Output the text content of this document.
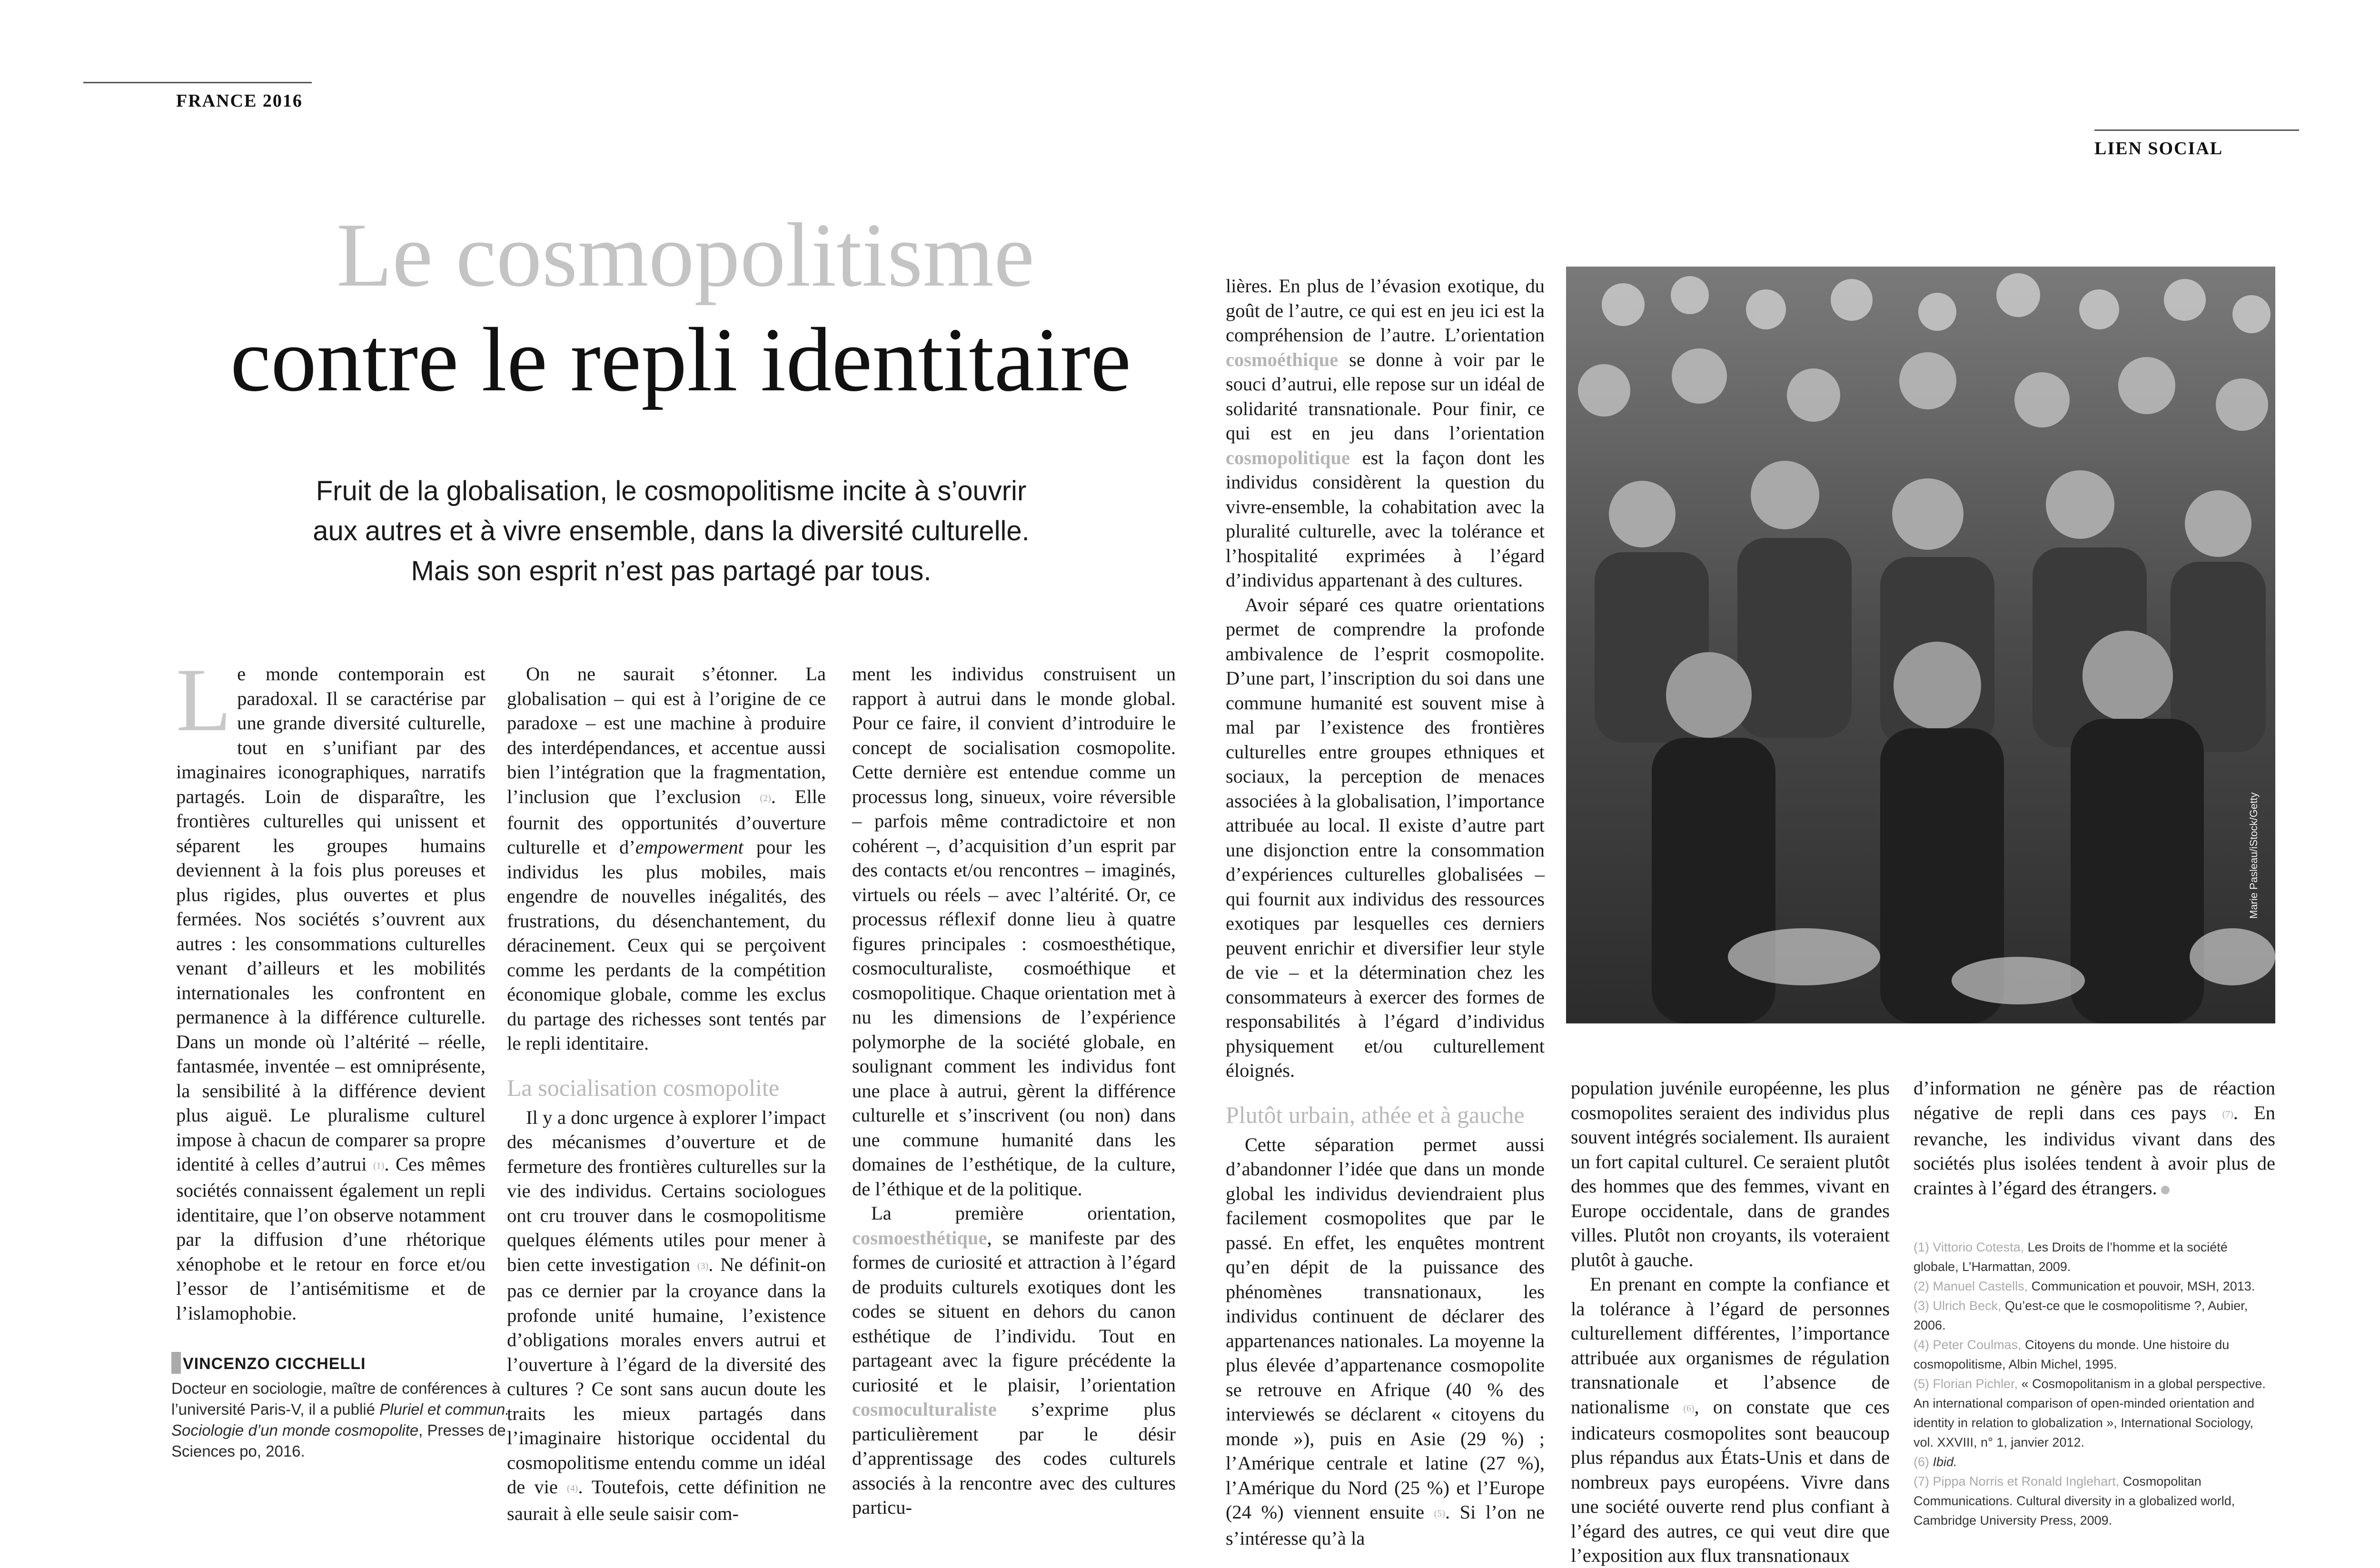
FRANCE 2016
LIEN SOCIAL
Le cosmopolitisme
contre le repli identitaire
Fruit de la globalisation, le cosmopolitisme incite à s’ouvrir
aux autres et à vivre ensemble, dans la diversité culturelle.
Mais son esprit n’est pas partagé par tous.

Le monde contemporain est paradoxal. Il se caractérise par une grande diversité culturelle, tout en s’unifiant par des imaginaires iconographiques, narratifs partagés. Loin de disparaître, les frontières culturelles qui unissent et séparent les groupes humains deviennent à la fois plus poreuses et plus rigides, plus ouvertes et plus fermées. Nos sociétés s’ouvrent aux autres : les consommations culturelles venant d’ailleurs et les mobilités internationales les confrontent en permanence à la différence culturelle. Dans un monde où l’altérité – réelle, fantasmée, inventée – est omniprésente, la sensibilité à la différence devient plus aiguë. Le pluralisme culturel impose à chacun de comparer sa propre identité à celles d’autrui (1). Ces mêmes sociétés connaissent également un repli identitaire, que l’on observe notamment par la diffusion d’une rhétorique xénophobe et le retour en force et/ou l’essor de l’antisémitisme et de l’islamophobie.

VINCENZO CICCHELLI
Docteur en sociologie, maître de conférences à l’université Paris-V, il a publié Pluriel et commun. Sociologie d’un monde cosmopolite, Presses de Sciences po, 2016.

On ne saurait s’étonner. La globalisation – qui est à l’origine de ce paradoxe – est une machine à produire des interdépendances, et accentue aussi bien l’intégration que la fragmentation, l’inclusion que l’exclusion (2). Elle fournit des opportunités d’ouverture culturelle et d’empowerment pour les individus les plus mobiles, mais engendre de nouvelles inégalités, des frustrations, du désenchantement, du déracinement. Ceux qui se perçoivent comme les perdants de la compétition économique globale, comme les exclus du partage des richesses sont tentés par le repli identitaire.

La socialisation cosmopolite

Il y a donc urgence à explorer l’impact des mécanismes d’ouverture et de fermeture des frontières culturelles sur la vie des individus. Certains sociologues ont cru trouver dans le cosmopolitisme quelques éléments utiles pour mener à bien cette investigation (3). Ne définit-on pas ce dernier par la croyance dans la profonde unité humaine, l’existence d’obligations morales envers autrui et l’ouverture à l’égard de la diversité des cultures ? Ce sont sans aucun doute les traits les mieux partagés dans l’imaginaire historique occidental du cosmopolitisme entendu comme un idéal de vie (4). Toutefois, cette définition ne saurait à elle seule saisir com-

ment les individus construisent un rapport à autrui dans le monde global. Pour ce faire, il convient d’introduire le concept de socialisation cosmopolite. Cette dernière est entendue comme un processus long, sinueux, voire réversible – parfois même contradictoire et non cohérent –, d’acquisition d’un esprit par des contacts et/ou rencontres – imaginés, virtuels ou réels – avec l’altérité. Or, ce processus réflexif donne lieu à quatre figures principales : cosmoesthétique, cosmoculturaliste, cosmoéthique et cosmopolitique. Chaque orientation met à nu les dimensions de l’expérience polymorphe de la société globale, en soulignant comment les individus font une place à autrui, gèrent la différence culturelle et s’inscrivent (ou non) dans une commune humanité dans les domaines de l’esthétique, de la culture, de l’éthique et de la politique.

La première orientation, cosmoesthétique, se manifeste par des formes de curiosité et attraction à l’égard de produits culturels exotiques dont les codes se situent en dehors du canon esthétique de l’individu. Tout en partageant avec la figure précédente la curiosité et le plaisir, l’orientation cosmoculturaliste s’exprime plus particulièrement par le désir d’apprentissage des codes culturels associés à la rencontre avec des cultures particu-

lières. En plus de l’évasion exotique, du goût de l’autre, ce qui est en jeu ici est la compréhension de l’autre. L’orientation cosmoéthique se donne à voir par le souci d’autrui, elle repose sur un idéal de solidarité transnationale. Pour finir, ce qui est en jeu dans l’orientation cosmopolitique est la façon dont les individus considèrent la question du vivre-ensemble, la cohabitation avec la pluralité culturelle, avec la tolérance et l’hospitalité exprimées à l’égard d’individus appartenant à des cultures.

Avoir séparé ces quatre orientations permet de comprendre la profonde ambivalence de l’esprit cosmopolite. D’une part, l’inscription du soi dans une commune humanité est souvent mise à mal par l’existence des frontières culturelles entre groupes ethniques et sociaux, la perception de menaces associées à la globalisation, l’importance attribuée au local. Il existe d’autre part une disjonction entre la consommation d’expériences culturelles globalisées – qui fournit aux individus des ressources exotiques par lesquelles ces derniers peuvent enrichir et diversifier leur style de vie – et la détermination chez les consommateurs à exercer des formes de responsabilités à l’égard d’individus physiquement et/ou culturellement éloignés.

Plutôt urbain, athée et à gauche

Cette séparation permet aussi d’abandonner l’idée que dans un monde global les individus deviendraient plus facilement cosmopolites que par le passé. En effet, les enquêtes montrent qu’en dépit de la puissance des phénomènes transnationaux, les individus continuent de déclarer des appartenances nationales. La moyenne la plus élevée d’appartenance cosmopolite se retrouve en Afrique (40 % des interviewés se déclarent « citoyens du monde »), puis en Asie (29 %) ; l’Amérique centrale et latine (27 %), l’Amérique du Nord (25 %) et l’Europe (24 %) viennent ensuite (5). Si l’on ne s’intéresse qu’à la

Marie Pasleau/iStock/Getty

population juvénile européenne, les plus cosmopolites seraient des individus plus souvent intégrés socialement. Ils auraient un fort capital culturel. Ce seraient plutôt des hommes que des femmes, vivant en Europe occidentale, dans de grandes villes. Plutôt non croyants, ils voteraient plutôt à gauche.

En prenant en compte la confiance et la tolérance à l’égard de personnes culturellement différentes, l’importance attribuée aux organismes de régulation transnationale et l’absence de nationalisme (6), on constate que ces indicateurs cosmopolites sont beaucoup plus répandus aux États-Unis et dans de nombreux pays européens. Vivre dans une société ouverte rend plus confiant à l’égard des autres, ce qui veut dire que l’exposition aux flux transnationaux

d’information ne génère pas de réaction négative de repli dans ces pays (7). En revanche, les individus vivant dans des sociétés plus isolées tendent à avoir plus de craintes à l’égard des étrangers.

(1) Vittorio Cotesta, Les Droits de l’homme et la société globale, L’Harmattan, 2009.
(2) Manuel Castells, Communication et pouvoir, MSH, 2013.
(3) Ulrich Beck, Qu’est-ce que le cosmopolitisme ?, Aubier, 2006.
(4) Peter Coulmas, Citoyens du monde. Une histoire du cosmopolitisme, Albin Michel, 1995.
(5) Florian Pichler, « Cosmopolitanism in a global perspective. An international comparison of open-minded orientation and identity in relation to globalization », International Sociology, vol. XXVIII, n° 1, janvier 2012.
(6) Ibid.
(7) Pippa Norris et Ronald Inglehart, Cosmopolitan Communications. Cultural diversity in a globalized world, Cambridge University Press, 2009.
